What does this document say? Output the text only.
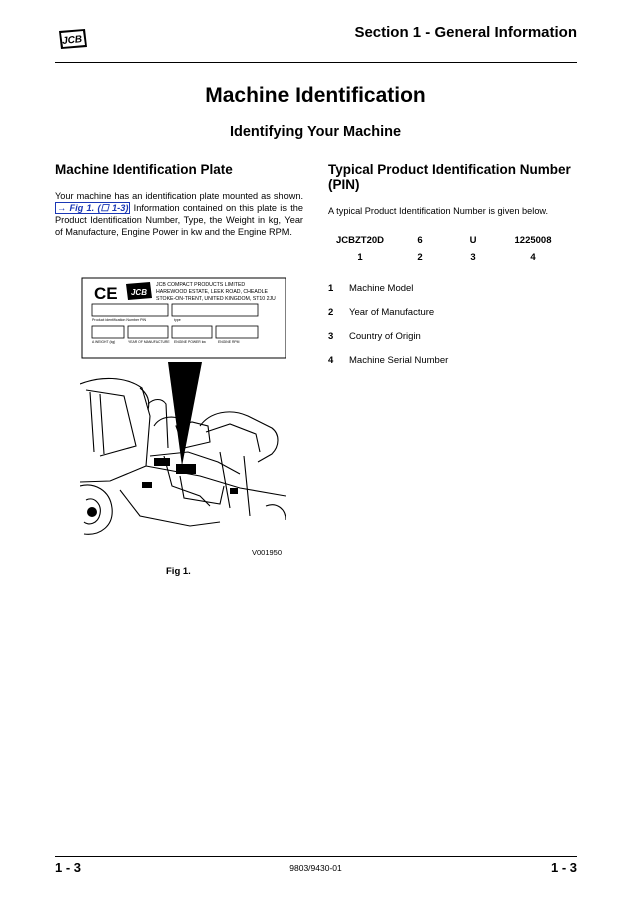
JCB	Section 1 - General Information
Machine Identification
Identifying Your Machine
Machine Identification Plate
Your machine has an identification plate mounted as shown. → Fig 1. (☐ 1-3) Information contained on this plate is the Product Identification Number, Type, the Weight in kg, Year of Manufacture, Engine Power in kw and the Engine RPM.
CE JCB
JCB COMPACT PRODUCTS LIMITED
HAREWOOD ESTATE, LEEK ROAD, CHEADLE
STOKE-ON-TRENT, UNITED KINGDOM, ST10 2JU
Product identification Number PIN	type
A WEIGHT (kg)	YEAR OF MANUFACTURE ENGINE POWER kw	ENGINE RPM
V001950
Fig 1.
Typical Product Identification Number (PIN)
A typical Product Identification Number is given below.
JCBZT20D	6	U	1225008
1	2	3	4
1	Machine Model
2	Year of Manufacture
3	Country of Origin
4	Machine Serial Number
1 - 3	9803/9430-01	1 - 3
